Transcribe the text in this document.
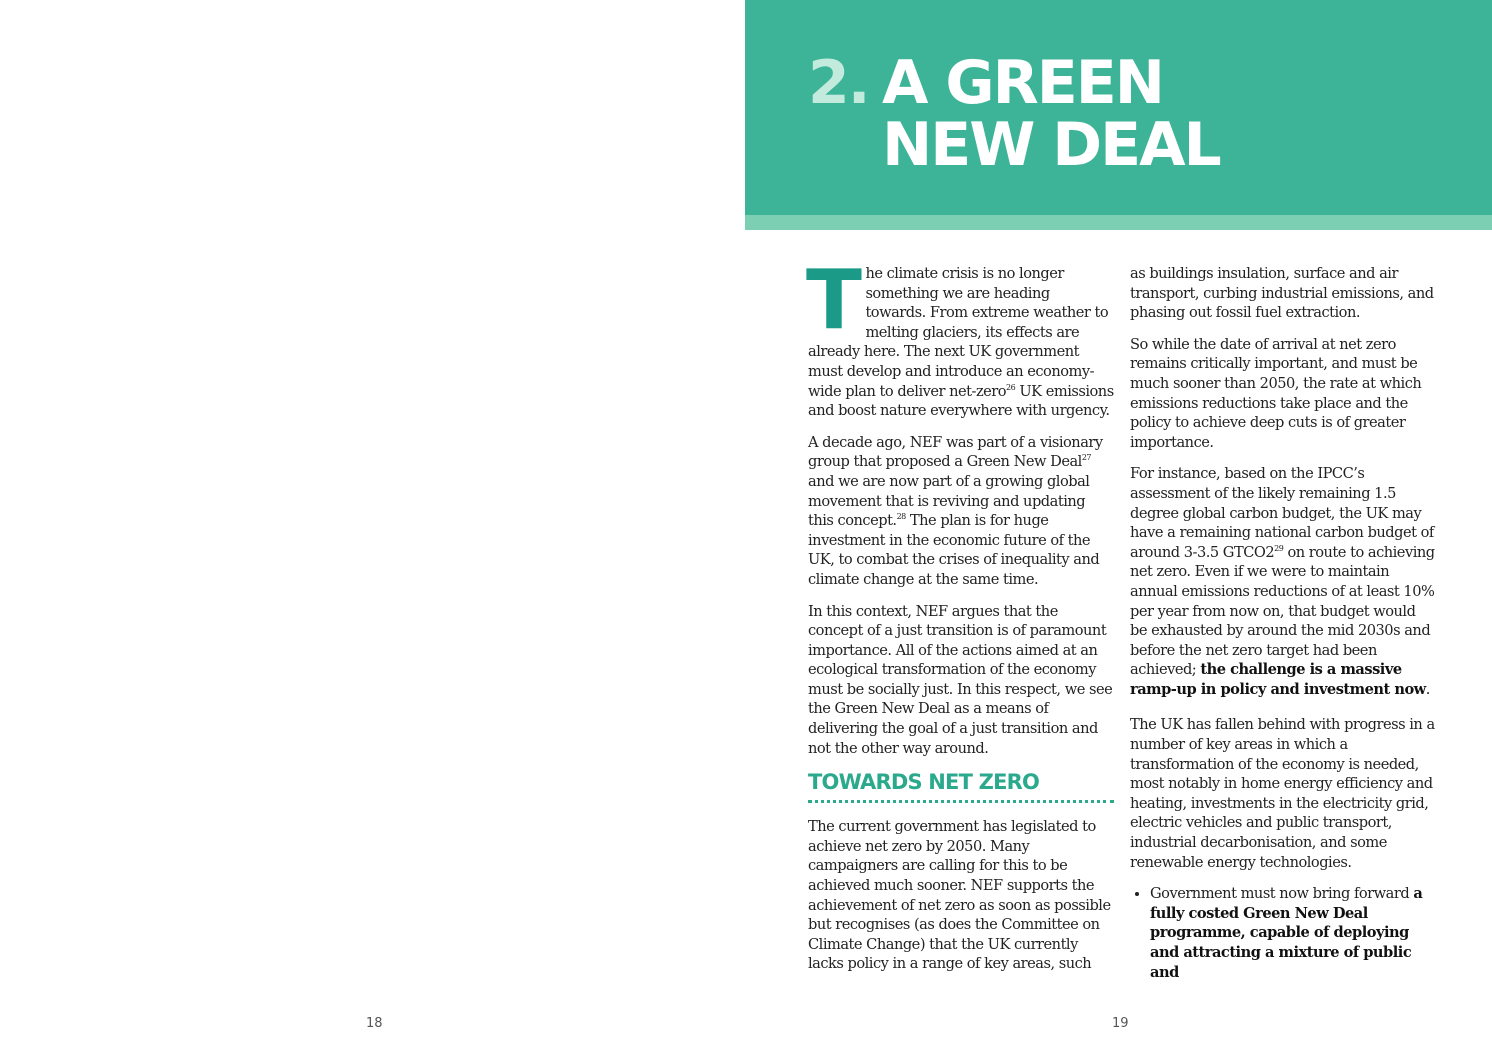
2. A GREEN
NEW DEAL

The climate crisis is no longer something we are heading towards. From extreme weather to melting glaciers, its effects are already here. The next UK government must develop and introduce an economy-wide plan to deliver net-zero$^{26}$ UK emissions and boost nature everywhere with urgency.

A decade ago, NEF was part of a visionary group that proposed a Green New Deal$^{27}$ and we are now part of a growing global movement that is reviving and updating this concept.$^{28}$ The plan is for huge investment in the economic future of the UK, to combat the crises of inequality and climate change at the same time.

In this context, NEF argues that the concept of a just transition is of paramount importance. All of the actions aimed at an ecological transformation of the economy must be socially just. In this respect, we see the Green New Deal as a means of delivering the goal of a just transition and not the other way around.

TOWARDS NET ZERO

The current government has legislated to achieve net zero by 2050. Many campaigners are calling for this to be achieved much sooner. NEF supports the achievement of net zero as soon as possible but recognises (as does the Committee on Climate Change) that the UK currently lacks policy in a range of key areas, such

as buildings insulation, surface and air transport, curbing industrial emissions, and phasing out fossil fuel extraction.

So while the date of arrival at net zero remains critically important, and must be much sooner than 2050, the rate at which emissions reductions take place and the policy to achieve deep cuts is of greater importance.

For instance, based on the IPCC’s assessment of the likely remaining 1.5 degree global carbon budget, the UK may have a remaining national carbon budget of around 3-3.5 $GTCO2^{29}$ on route to achieving net zero. Even if we were to maintain annual emissions reductions of at least 10% per year from now on, that budget would be exhausted by around the mid 2030s and before the net zero target had been achieved; the challenge is a massive ramp-up in policy and investment now.

The UK has fallen behind with progress in a number of key areas in which a transformation of the economy is needed, most notably in home energy efficiency and heating, investments in the electricity grid, electric vehicles and public transport, industrial decarbonisation, and some renewable energy technologies.

• Government must now bring forward a fully costed Green New Deal programme, capable of deploying and attracting a mixture of public and
18	19
